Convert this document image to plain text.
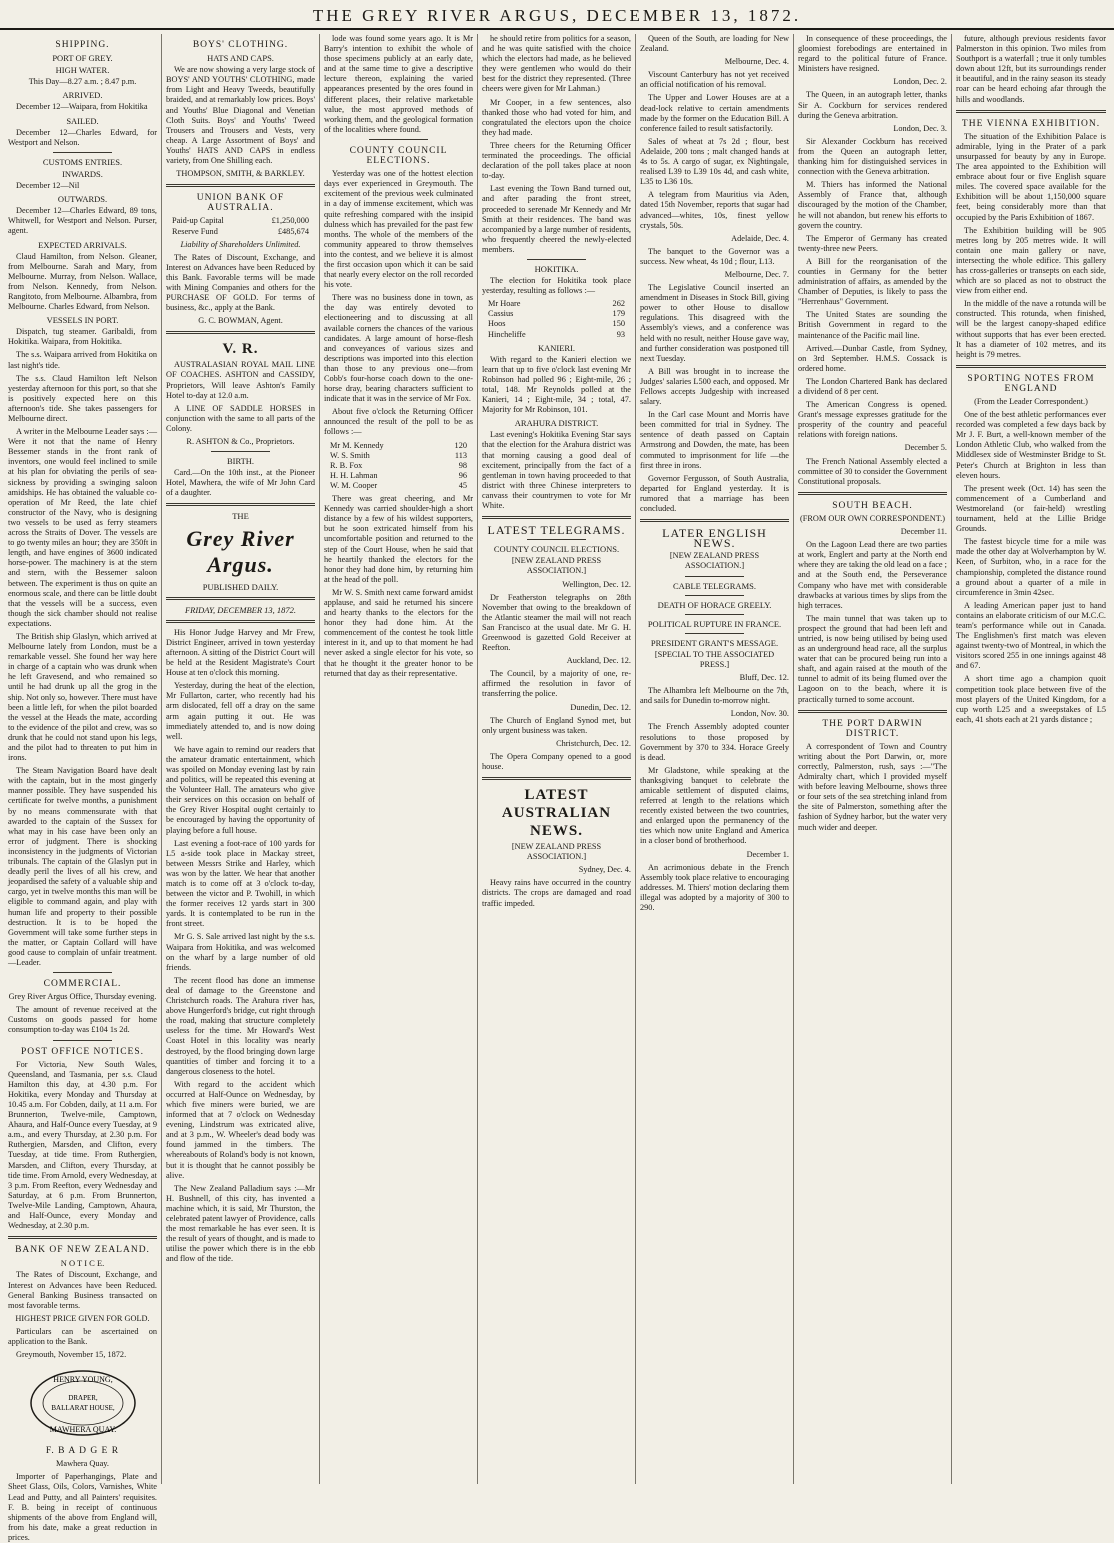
THE GREY RIVER ARGUS, DECEMBER 13, 1872.
SHIPPING.
PORT OF GREY.
HIGH WATER.

This Day—8.27 a.m. ; 8.47 p.m.

ARRIVED.

December 12—Waipara, from Hokitika

SAILED.

December 12—Charles Edward, for Westport and Nelson.

CUSTOMS ENTRIES.
INWARDS.

December 12—Nil

OUTWARDS.

December 12—Charles Edward, 89 tons, Whitwell, for Westport and Nelson. Purser, agent.

EXPECTED ARRIVALS.

Claud Hamilton, from Nelson. Gleaner, from Melbourne. Sarah and Mary, from Melbourne. Murray, from Nelson. Wallace, from Nelson. Kennedy, from Nelson. Rangitoto, from Melbourne. Albambra, from Melbourne. Charles Edward, from Nelson.

VESSELS IN PORT.

Dispatch, tug steamer. Garibaldi, from Hokitika. Waipara, from Hokitika.

The s.s. Waipara arrived from Hokitika on last night's tide.

The s.s. Claud Hamilton left Nelson yesterday afternoon for this port, so that she is positively expected here on this afternoon's tide. She takes passengers for Melbourne direct.

A writer in the Melbourne Leader says :—Were it not that the name of Henry Bessemer stands in the front rank of inventors, one would feel inclined to smile at his plan for obviating the perils of sea-sickness by providing a swinging saloon amidships. He has obtained the valuable co-operation of Mr Reed, the late chief constructor of the Navy, who is designing two vessels to be used as ferry steamers across the Straits of Dover. The vessels are to go twenty miles an hour; they are 350ft in length, and have engines of 3600 indicated horse-power. The machinery is at the stern and stern, with the Bessemer saloon between. The experiment is thus on quite an enormous scale, and there can be little doubt that the vessels will be a success, even though the sick chamber should not realise expectations.

The British ship Glaslyn, which arrived at Melbourne lately from London, must be a remarkable vessel. She found her way here in charge of a captain who was drunk when he left Gravesend, and who remained so until he had drunk up all the grog in the ship. Not only so, however. There must have been a little left, for when the pilot boarded the vessel at the Heads the mate, according to the evidence of the pilot and crew, was so drunk that he could not stand upon his legs, and the pilot had to threaten to put him in irons.

The Steam Navigation Board have dealt with the captain, but in the most gingerly manner possible. They have suspended his certificate for twelve months, a punishment by no means commensurate with that awarded to the captain of the Sussex for what may in his case have been only an error of judgment. There is shocking inconsistency in the judgments of Victorian tribunals. The captain of the Glaslyn put in deadly peril the lives of all his crew, and jeopardised the safety of a valuable ship and cargo, yet in twelve months this man will be eligible to command again, and play with human life and property to their possible destruction. It is to be hoped the Government will take some further steps in the matter, or Captain Collard will have good cause to complain of unfair treatment.—Leader.

COMMERCIAL.

Grey River Argus Office, Thursday evening.

The amount of revenue received at the Customs on goods passed for home consumption to-day was £104 1s 2d.

POST OFFICE NOTICES.

For Victoria, New South Wales, Queensland, and Tasmania, per s.s. Claud Hamilton this day, at 4.30 p.m. For Hokitika, every Monday and Thursday at 10.45 a.m. For Cobden, daily, at 11 a.m. For Brunnerton, Twelve-mile, Camptown, Ahaura, and Half-Ounce every Tuesday, at 9 a.m., and every Thursday, at 2.30 p.m. For Ruthergien, Marsden, and Clifton, every Tuesday, at tide time. From Ruthergien, Marsden, and Clifton, every Thursday, at tide time. From Arnold, every Wednesday, at 3 p.m. From Reefton, every Wednesday and Saturday, at 6 p.m. From Brunnerton, Twelve-Mile Landing, Camptown, Ahaura, and Half-Ounce, every Monday and Wednesday, at 2.30 p.m.

BANK OF NEW ZEALAND.
N O T I C E.

The Rates of Discount, Exchange, and Interest on Advances have been Reduced. General Banking Business transacted on most favorable terms.

HIGHEST PRICE GIVEN FOR GOLD.

Particulars can be ascertained on application to the Bank.

Greymouth, November 15, 1872.

HENRY YOUNG,
DRAPER,
BALLARAT HOUSE,
MAWHERA QUAY.
F. B A D G E R

Mawhera Quay.

Importer of Paperhangings, Plate and Sheet Glass, Oils, Colors, Varnishes, White Lead and Putty, and all Painters' requisites. F. B. being in receipt of continuous shipments of the above from England will, from his date, make a great reduction in prices.

BOYS' CLOTHING.
HATS AND CAPS.

We are now showing a very large stock of BOYS' AND YOUTHS' CLOTHING, made from Light and Heavy Tweeds, beautifully braided, and at remarkably low prices. Boys' and Youths' Blue Diagonal and Venetian Cloth Suits. Boys' and Youths' Tweed Trousers and Trousers and Vests, very cheap. A Large Assortment of Boys' and Youths' HATS AND CAPS in endless variety, from One Shilling each.

THOMPSON, SMITH, & BARKLEY.

UNION BANK OF AUSTRALIA.
Paid-up Capital	£1,250,000
Reserve Fund	£485,674

Liability of Shareholders Unlimited.

The Rates of Discount, Exchange, and Interest on Advances have been Reduced by this Bank. Favorable terms will be made with Mining Companies and others for the PURCHASE OF GOLD. For terms of business, &c., apply at the Bank.

G. C. BOWMAN, Agent.

V. R.

AUSTRALASIAN ROYAL MAIL LINE OF COACHES. ASHTON and CASSIDY, Proprietors, Will leave Ashton's Family Hotel to-day at 12.0 a.m.

A LINE OF SADDLE HORSES in conjunction with the same to all parts of the Colony.

R. ASHTON & Co., Proprietors.

BIRTH.

Card.—On the 10th inst., at the Pioneer Hotel, Mawhera, the wife of Mr John Card of a daughter.

THE
Grey River Argus.
PUBLISHED DAILY.
FRIDAY, DECEMBER 13, 1872.

His Honor Judge Harvey and Mr Frew, District Engineer, arrived in town yesterday afternoon. A sitting of the District Court will be held at the Resident Magistrate's Court House at ten o'clock this morning.

Yesterday, during the heat of the election, Mr Fullarton, carter, who recently had his arm dislocated, fell off a dray on the same arm again putting it out. He was immediately attended to, and is now doing well.

We have again to remind our readers that the amateur dramatic entertainment, which was spoiled on Monday evening last by rain and politics, will be repeated this evening at the Volunteer Hall. The amateurs who give their services on this occasion on behalf of the Grey River Hospital ought certainly to be encouraged by having the opportunity of playing before a full house.

Last evening a foot-race of 100 yards for L5 a-side took place in Mackay street, between Messrs Strike and Harley, which was won by the latter. We hear that another match is to come off at 3 o'clock to-day, between the victor and P. Twohill, in which the former receives 12 yards start in 300 yards. It is contemplated to be run in the front street.

Mr G. S. Sale arrived last night by the s.s. Waipara from Hokitika, and was welcomed on the wharf by a large number of old friends.

The recent flood has done an immense deal of damage to the Greenstone and Christchurch roads. The Arahura river has, above Hungerford's bridge, cut right through the road, making that structure completely useless for the time. Mr Howard's West Coast Hotel in this locality was nearly destroyed, by the flood bringing down large quantities of timber and forcing it to a dangerous closeness to the hotel.

With regard to the accident which occurred at Half-Ounce on Wednesday, by which five miners were buried, we are informed that at 7 o'clock on Wednesday evening, Lindstrum was extricated alive, and at 3 p.m., W. Wheeler's dead body was found jammed in the timbers. The whereabouts of Roland's body is not known, but it is thought that he cannot possibly be alive.

The New Zealand Palladium says :—Mr H. Bushnell, of this city, has invented a machine which, it is said, Mr Thurston, the celebrated patent lawyer of Providence, calls the most remarkable he has ever seen. It is the result of years of thought, and is made to utilise the power which there is in the ebb and flow of the tide.

lode was found some years ago. It is Mr Barry's intention to exhibit the whole of those specimens publicly at an early date, and at the same time to give a descriptive lecture thereon, explaining the varied appearances presented by the ores found in different places, their relative marketable value, the most approved methods of working them, and the geological formation of the localities where found.

COUNTY COUNCIL ELECTIONS.

Yesterday was one of the hottest election days ever experienced in Greymouth. The excitement of the previous week culminated in a day of immense excitement, which was quite refreshing compared with the insipid dulness which has prevailed for the past few months. The whole of the members of the community appeared to throw themselves into the contest, and we believe it is almost the first occasion upon which it can be said that nearly every elector on the roll recorded his vote.

There was no business done in town, as the day was entirely devoted to electioneering and to discussing at all available corners the chances of the various candidates. A large amount of horse-flesh and conveyances of various sizes and descriptions was imported into this election than those to any previous one—from Cobb's four-horse coach down to the one-horse dray, bearing characters sufficient to indicate that it was in the service of Mr Fox.

About five o'clock the Returning Officer announced the result of the poll to be as follows :—

Mr M. Kennedy	120
W. S. Smith	113
R. B. Fox	98
H. H. Lahman	96
W. M. Cooper	45

There was great cheering, and Mr Kennedy was carried shoulder-high a short distance by a few of his wildest supporters, but he soon extricated himself from his uncomfortable position and returned to the step of the Court House, when he said that he heartily thanked the electors for the honor they had done him, by returning him at the head of the poll.

Mr W. S. Smith next came forward amidst applause, and said he returned his sincere and hearty thanks to the electors for the honor they had done him. At the commencement of the contest he took little interest in it, and up to that moment he had never asked a single elector for his vote, so that he thought it the greater honor to be returned that day as their representative.

he should retire from politics for a season, and he was quite satisfied with the choice which the electors had made, as he believed they were gentlemen who would do their best for the district they represented. (Three cheers were given for Mr Lahman.)

Mr Cooper, in a few sentences, also thanked those who had voted for him, and congratulated the electors upon the choice they had made.

Three cheers for the Returning Officer terminated the proceedings. The official declaration of the poll takes place at noon to-day.

Last evening the Town Band turned out, and after parading the front street, proceeded to serenade Mr Kennedy and Mr Smith at their residences. The band was accompanied by a large number of residents, who frequently cheered the newly-elected members.

HOKITIKA.

The election for Hokitika took place yesterday, resulting as follows :—

Mr Hoare	262
Cassius	179
Hoos	150
Hincheliffe	93
KANIERI.

With regard to the Kanieri election we learn that up to five o'clock last evening Mr Robinson had polled 96 ; Eight-mile, 26 ; total, 148. Mr Reynolds polled at the Kanieri, 14 ; Eight-mile, 34 ; total, 47. Majority for Mr Robinson, 101.

ARAHURA DISTRICT.

Last evening's Hokitika Evening Star says that the election for the Arahura district was that morning causing a good deal of excitement, principally from the fact of a gentleman in town having proceeded to that district with three Chinese interpreters to canvass their countrymen to vote for Mr White.

LATEST TELEGRAMS.
COUNTY COUNCIL ELECTIONS.

[NEW ZEALAND PRESS ASSOCIATION.]

Wellington, Dec. 12.

Dr Featherston telegraphs on 28th November that owing to the breakdown of the Atlantic steamer the mail will not reach San Francisco at the usual date. Mr G. H. Greenwood is gazetted Gold Receiver at Reefton.

Auckland, Dec. 12.

The Council, by a majority of one, re-affirmed the resolution in favor of transferring the police.

Dunedin, Dec. 12.

The Church of England Synod met, but only urgent business was taken.

Christchurch, Dec. 12.

The Opera Company opened to a good house.

LATEST AUSTRALIAN NEWS.

[NEW ZEALAND PRESS ASSOCIATION.]

Sydney, Dec. 4.

Heavy rains have occurred in the country districts. The crops are damaged and road traffic impeded.

Queen of the South, are loading for New Zealand.

Melbourne, Dec. 4.

Viscount Canterbury has not yet received an official notification of his removal.

The Upper and Lower Houses are at a dead-lock relative to certain amendments made by the former on the Education Bill. A conference failed to result satisfactorily.

Sales of wheat at 7s 2d ; flour, best Adelaide, 200 tons ; malt changed hands at 4s to 5s. A cargo of sugar, ex Nightingale, realised L39 to L39 10s 4d, and cash white, L35 to L36 10s.

A telegram from Mauritius via Aden, dated 15th November, reports that sugar had advanced—whites, 10s, finest yellow crystals, 50s.

Adelaide, Dec. 4.

The banquet to the Governor was a success. New wheat, 4s 10d ; flour, L13.

Melbourne, Dec. 7.

The Legislative Council inserted an amendment in Diseases in Stock Bill, giving power to other House to disallow regulations. This disagreed with the Assembly's views, and a conference was held with no result, neither House gave way, and further consideration was postponed till next Tuesday.

A Bill was brought in to increase the Judges' salaries L500 each, and opposed. Mr Fellows accepts Judgeship with increased salary.

In the Carl case Mount and Morris have been committed for trial in Sydney. The sentence of death passed on Captain Armstrong and Dowden, the mate, has been commuted to imprisonment for life —the first three in irons.

Governor Fergusson, of South Australia, departed for England yesterday. It is rumored that a marriage has been concluded.

LATER ENGLISH NEWS.

[NEW ZEALAND PRESS ASSOCIATION.]

CABLE TELEGRAMS.
DEATH OF HORACE GREELY.
POLITICAL RUPTURE IN FRANCE.
PRESIDENT GRANT'S MESSAGE.

[SPECIAL TO THE ASSOCIATED PRESS.]

Bluff, Dec. 12.

The Alhambra left Melbourne on the 7th, and sails for Dunedin to-morrow night.

London, Nov. 30.

The French Assembly adopted counter resolutions to those proposed by Government by 370 to 334. Horace Greely is dead.

Mr Gladstone, while speaking at the thanksgiving banquet to celebrate the amicable settlement of disputed claims, referred at length to the relations which recently existed between the two countries, and enlarged upon the permanency of the ties which now unite England and America in a closer bond of brotherhood.

December 1.

An acrimonious debate in the French Assembly took place relative to encouraging addresses. M. Thiers' motion declaring them illegal was adopted by a majority of 300 to 290.

In consequence of these proceedings, the gloomiest forebodings are entertained in regard to the political future of France. Ministers have resigned.

London, Dec. 2.

The Queen, in an autograph letter, thanks Sir A. Cockburn for services rendered during the Geneva arbitration.

London, Dec. 3.

Sir Alexander Cockburn has received from the Queen an autograph letter, thanking him for distinguished services in connection with the Geneva arbitration.

M. Thiers has informed the National Assembly of France that, although discouraged by the motion of the Chamber, he will not abandon, but renew his efforts to govern the country.

The Emperor of Germany has created twenty-three new Peers.

A Bill for the reorganisation of the counties in Germany for the better administration of affairs, as amended by the Chamber of Deputies, is likely to pass the "Herrenhaus" Government.

The United States are sounding the British Government in regard to the maintenance of the Pacific mail line.

Arrived.—Dunbar Castle, from Sydney, on 3rd September. H.M.S. Cossack is ordered home.

The London Chartered Bank has declared a dividend of 8 per cent.

The American Congress is opened. Grant's message expresses gratitude for the prosperity of the country and peaceful relations with foreign nations.

December 5.

The French National Assembly elected a committee of 30 to consider the Government Constitutional proposals.

SOUTH BEACH.

(FROM OUR OWN CORRESPONDENT.)

December 11.

On the Lagoon Lead there are two parties at work, Englert and party at the North end where they are taking the old lead on a face ; and at the South end, the Perseverance Company who have met with considerable drawbacks at various times by slips from the high terraces.

The main tunnel that was taken up to prospect the ground that had been left and untried, is now being utilised by being used as an underground head race, all the surplus water that can be procured being run into a shaft, and again raised at the mouth of the tunnel to admit of its being flumed over the Lagoon on to the beach, where it is practically turned to some account.

THE PORT DARWIN DISTRICT.

A correspondent of Town and Country writing about the Port Darwin, or, more correctly, Palmerston, rush, says :—"The Admiralty chart, which I provided myself with before leaving Melbourne, shows three or four sets of the sea stretching inland from the site of Palmerston, something after the fashion of Sydney harbor, but the water very much wider and deeper.

future, although previous residents favor Palmerston in this opinion. Two miles from Southport is a waterfall ; true it only tumbles down about 12ft, but its surroundings render it beautiful, and in the rainy season its steady roar can be heard echoing afar through the hills and woodlands.

THE VIENNA EXHIBITION.

The situation of the Exhibition Palace is admirable, lying in the Prater of a park unsurpassed for beauty by any in Europe. The area appointed to the Exhibition will embrace about four or five English square miles. The covered space available for the Exhibition will be about 1,150,000 square feet, being considerably more than that occupied by the Paris Exhibition of 1867.

The Exhibition building will be 905 metres long by 205 metres wide. It will contain one main gallery or nave, intersecting the whole edifice. This gallery has cross-galleries or transepts on each side, which are so placed as not to obstruct the view from either end.

In the middle of the nave a rotunda will be constructed. This rotunda, when finished, will be the largest canopy-shaped edifice without supports that has ever been erected. It has a diameter of 102 metres, and its height is 79 metres.

SPORTING NOTES FROM ENGLAND

(From the Leader Correspondent.)

One of the best athletic performances ever recorded was completed a few days back by Mr J. F. Burt, a well-known member of the London Athletic Club, who walked from the Middlesex side of Westminster Bridge to St. Peter's Church at Brighton in less than eleven hours.

The present week (Oct. 14) has seen the commencement of a Cumberland and Westmoreland (or fair-held) wrestling tournament, held at the Lillie Bridge Grounds.

The fastest bicycle time for a mile was made the other day at Wolverhampton by W. Keen, of Surbiton, who, in a race for the championship, completed the distance round a ground about a quarter of a mile in circumference in 3min 42sec.

A leading American paper just to hand contains an elaborate criticism of our M.C.C. team's performance while out in Canada. The Englishmen's first match was eleven against twenty-two of Montreal, in which the visitors scored 255 in one innings against 48 and 67.

A short time ago a champion quoit competition took place between five of the most players of the United Kingdom, for a cup worth L25 and a sweepstakes of L5 each, 41 shots each at 21 yards distance ;
